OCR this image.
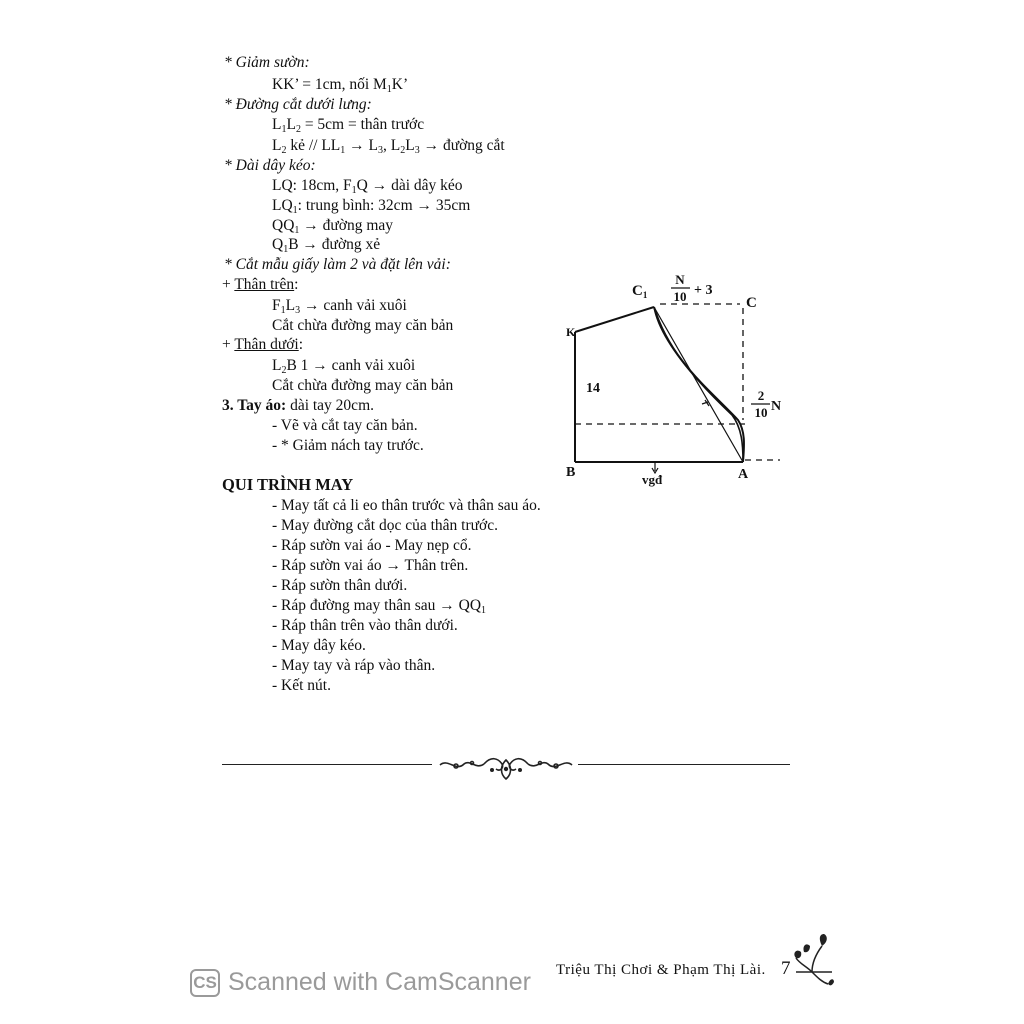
* Giảm sườn:
KK’ = 1cm, nối $M_1K$’
* Đường cắt dưới lưng:
$L_1L_2 = 5cm$ = thân trước
$L_2$ kẻ // $LL_1 \to L_3$, $L_2L_3$ → đường cắt
* Dài dây kéo:
LQ: 18cm, $F_1Q$ → dài dây kéo
$LQ_1$: trung bình: 32cm → 35cm
$QQ_1$ → đường may
$Q_1B$ → đường xẻ
* Cắt mẫu giấy làm 2 và đặt lên vải:
+ Thân trên:
$F_1L_3$ → canh vải xuôi
Cắt chừa đường may căn bản
+ Thân dưới:
$L_2B$ 1 → canh vải xuôi
Cắt chừa đường may căn bản
3. Tay áo: dài tay 20cm.
- Vẽ và cắt tay căn bản.
- * Giảm nách tay trước.
QUI TRÌNH MAY
- May tất cả li eo thân trước và thân sau áo.
- May đường cắt dọc của thân trước.
- Ráp sườn vai áo - May nẹp cổ.
- Ráp sườn vai áo → Thân trên.
- Ráp sườn thân dưới.
- Ráp đường may thân sau → $QQ_1$
- Ráp thân trên vào thân dưới.
- May dây kéo.
- May tay và ráp vào thân.
- Kết nút.
$C_1$
N
10 + 3
C
K
14	2
10 N
B	A
vgđ
CS Scanned with CamScanner Triệu Thị Chơi & Phạm Thị Lài. 7
